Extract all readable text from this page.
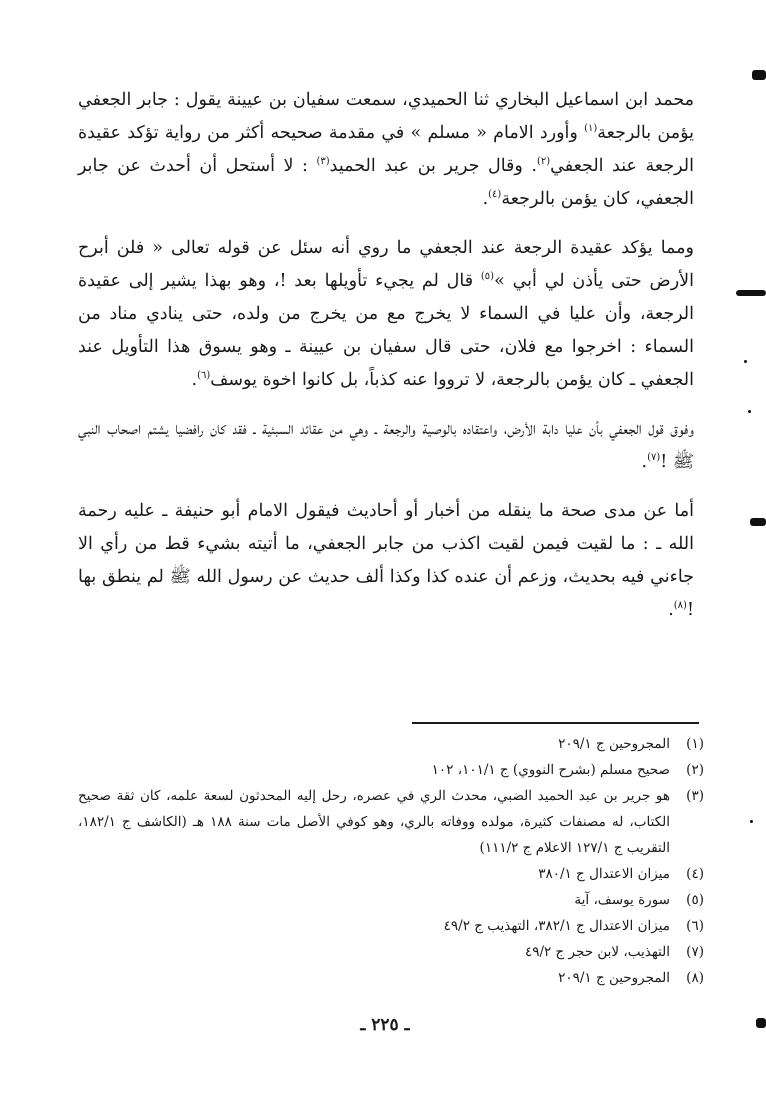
محمد ابن اسماعيل البخاري ثنا الحميدي، سمعت سفيان بن عيينة يقول : جابر الجعفي يؤمن بالرجعة$^{(١)}$ وأورد الامام « مسلم » في مقدمة صحيحه أكثر من رواية تؤكد عقيدة الرجعة عند الجعفي$^{(٢)}$. وقال جرير بن عبد الحميد$^{(٣)}$ : لا أستحل أن أحدث عن جابر الجعفي، كان يؤمن بالرجعة$^{(٤)}$.

ومما يؤكد عقيدة الرجعة عند الجعفي ما روي أنه سئل عن قوله تعالى « فلن أبرح الأرض حتى يأذن لي أبي »$^{(٥)}$ قال لم يجيء تأويلها بعد !، وهو بهذا يشير إلى عقيدة الرجعة، وأن عليا في السماء لا يخرج مع من يخرج من ولده، حتى ينادي مناد من السماء : اخرجوا مع فلان، حتى قال سفيان بن عيينة ـ وهو يسوق هذا التأويل عند الجعفي ـ كان يؤمن بالرجعة، لا ترووا عنه كذباً، بل كانوا اخوة يوسف$^{(٦)}$.

وفوق قول الجعفي بأن عليا دابة الأرض، واعتقاده بالوصية والرجعة ـ وهي من عقائد السبئية ـ فقد كان رافضيا يشتم اصحاب النبي ﷺ !$^{(٧)}$.

أما عن مدى صحة ما ينقله من أخبار أو أحاديث فيقول الامام أبو حنيفة ـ عليه رحمة الله ـ : ما لقيت فيمن لقيت اكذب من جابر الجعفي، ما أتيته بشيء قط من رأي الا جاءني فيه بحديث، وزعم أن عنده كذا وكذا ألف حديث عن رسول الله ﷺ لم ينطق بها !$^{(٨)}$.

(١)
المجروحين ج ٢٠٩/١
(٢)
صحيح مسلم (بشرح النووي) ج ١٠١/١، ١٠٢
(٣)
هو جرير بن عبد الحميد الضبي، محدث الري في عصره، رحل إليه المحدثون لسعة علمه، كان ثقة صحيح الكتاب، له مصنفات كثيرة، مولده ووفاته بالري، وهو كوفي الأصل مات سنة ١٨٨ هـ (الكاشف ج ١٨٢/١، التقريب ج ١٢٧/١ الاعلام ج ١١١/٢)
(٤)
ميزان الاعتدال ج ٣٨٠/١
(٥)
سورة يوسف، آية
(٦)
ميزان الاعتدال ج ٣٨٢/١، التهذيب ج ٤٩/٢
(٧)
التهذيب، لابن حجر ج ٤٩/٢
(٨)
المجروحين ج ٢٠٩/١
ـ ٢٢٥ ـ
